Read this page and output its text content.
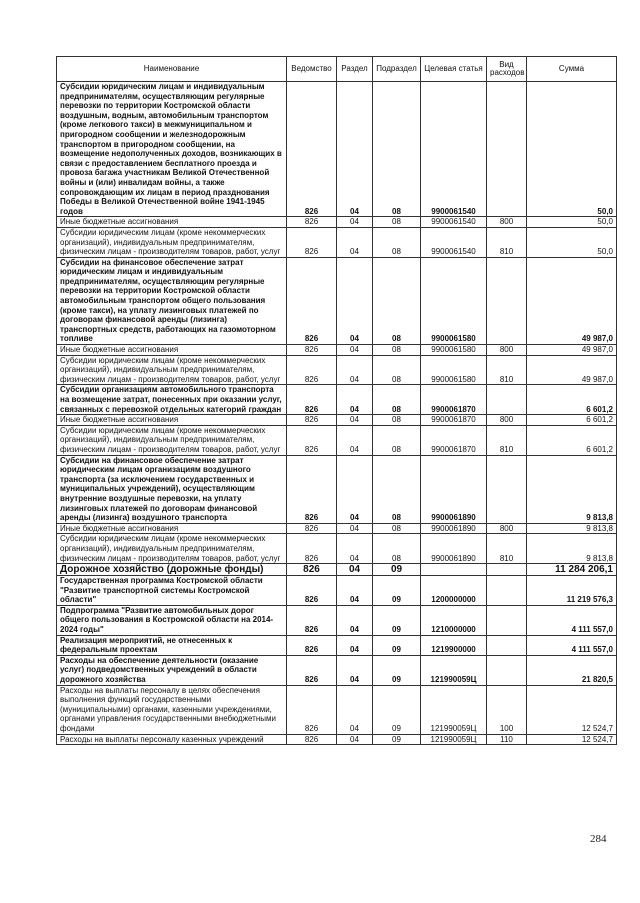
Наименование	Ведомство	Раздел	Подраздел	Целевая статья	Вид расходов	Сумма
Субсидии юридическим лицам и индивидуальным предпринимателям, осуществляющим регулярные перевозки по территории Костромской области воздушным, водным, автомобильным транспортом (кроме легкового такси) в межмуниципальном и пригородном сообщении и железнодорожным транспортом в пригородном сообщении, на возмещение недополученных доходов, возникающих в связи с предоставлением бесплатного проезда и провоза багажа участникам Великой Отечественной войны и (или) инвалидам войны, а также сопровождающим их лицам в период празднования Победы в Великой Отечественной войне 1941-1945 годов	826	04	08	9900061540		50,0
Иные бюджетные ассигнования	826	04	08	9900061540	800	50,0
Субсидии юридическим лицам (кроме некоммерческих организаций), индивидуальным предпринимателям, физическим лицам - производителям товаров, работ, услуг	826	04	08	9900061540	810	50,0
Субсидии на финансовое обеспечение затрат юридическим лицам и индивидуальным предпринимателям, осуществляющим регулярные перевозки на территории Костромской области автомобильным транспортом общего пользования (кроме такси), на уплату лизинговых платежей по договорам финансовой аренды (лизинга) транспортных средств, работающих на газомоторном топливе	826	04	08	9900061580		49 987,0
Иные бюджетные ассигнования	826	04	08	9900061580	800	49 987,0
Субсидии юридическим лицам (кроме некоммерческих организаций), индивидуальным предпринимателям, физическим лицам - производителям товаров, работ, услуг	826	04	08	9900061580	810	49 987,0
Субсидии организациям автомобильного транспорта на возмещение затрат, понесенных при оказании услуг, связанных с перевозкой отдельных категорий граждан	826	04	08	9900061870		6 601,2
Иные бюджетные ассигнования	826	04	08	9900061870	800	6 601,2
Субсидии юридическим лицам (кроме некоммерческих организаций), индивидуальным предпринимателям, физическим лицам - производителям товаров, работ, услуг	826	04	08	9900061870	810	6 601,2
Субсидии на финансовое обеспечение затрат юридическим лицам организациям воздушного транспорта (за исключением государственных и муниципальных учреждений), осуществляющим внутренние воздушные перевозки, на уплату лизинговых платежей по договорам финансовой аренды (лизинга) воздушного транспорта	826	04	08	9900061890		9 813,8
Иные бюджетные ассигнования	826	04	08	9900061890	800	9 813,8
Субсидии юридическим лицам (кроме некоммерческих организаций), индивидуальным предпринимателям, физическим лицам - производителям товаров, работ, услуг	826	04	08	9900061890	810	9 813,8
Дорожное хозяйство (дорожные фонды)	826	04	09			11 284 206,1
Государственная программа Костромской области "Развитие транспортной системы Костромской области"	826	04	09	1200000000		11 219 576,3
Подпрограмма "Развитие автомобильных дорог общего пользования в Костромской области на 2014-2024 годы"	826	04	09	1210000000		4 111 557,0
Реализация мероприятий, не отнесенных к федеральным проектам	826	04	09	1219900000		4 111 557,0
Расходы на обеспечение деятельности (оказание услуг) подведомственных учреждений в области дорожного хозяйства	826	04	09	121990059Ц		21 820,5
Расходы на выплаты персоналу в целях обеспечения выполнения функций государственными (муниципальными) органами, казенными учреждениями, органами управления государственными внебюджетными фондами	826	04	09	121990059Ц	100	12 524,7
Расходы на выплаты персоналу казенных учреждений	826	04	09	121990059Ц	110	12 524,7
284
